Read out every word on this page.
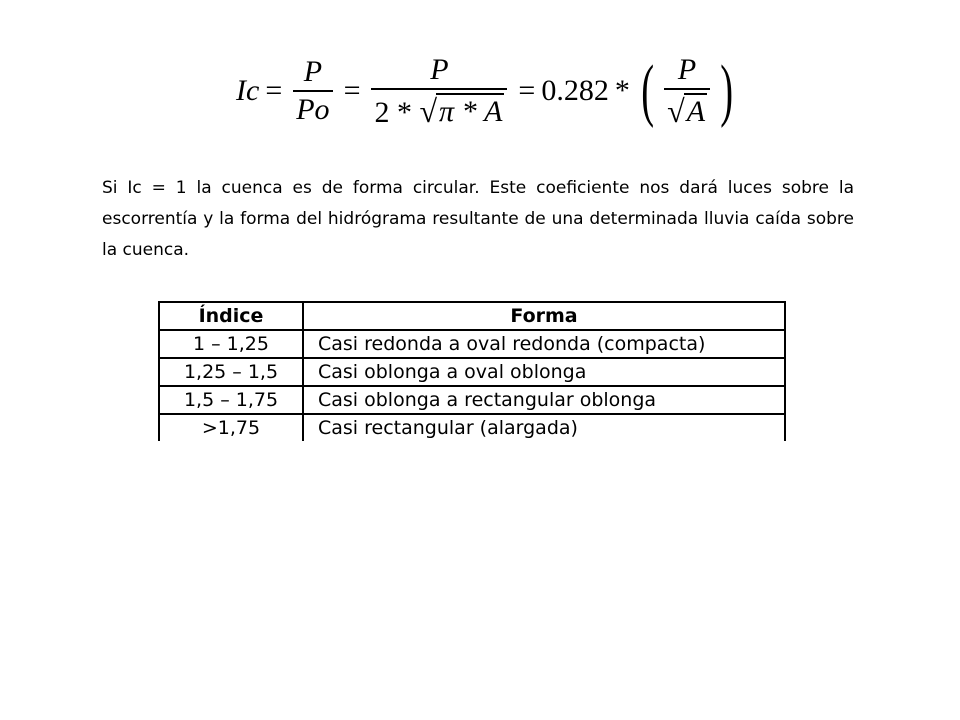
$Ic = \frac{P}{Po} = \frac{P}{2 * √ \pi * A} = 0.282$ * ( $\frac{P}{√ A}$ )

Si Ic = 1 la cuenca es de forma circular. Este coeficiente nos dará luces sobre la escorrentía y la forma del hidrógrama resultante de una determinada lluvia caída sobre la cuenca.

Índice	Forma
1 – 1,25	Casi redonda a oval redonda (compacta)
1,25 – 1,5	Casi oblonga a oval oblonga
1,5 – 1,75	Casi oblonga a rectangular oblonga
>1,75	Casi rectangular (alargada)
